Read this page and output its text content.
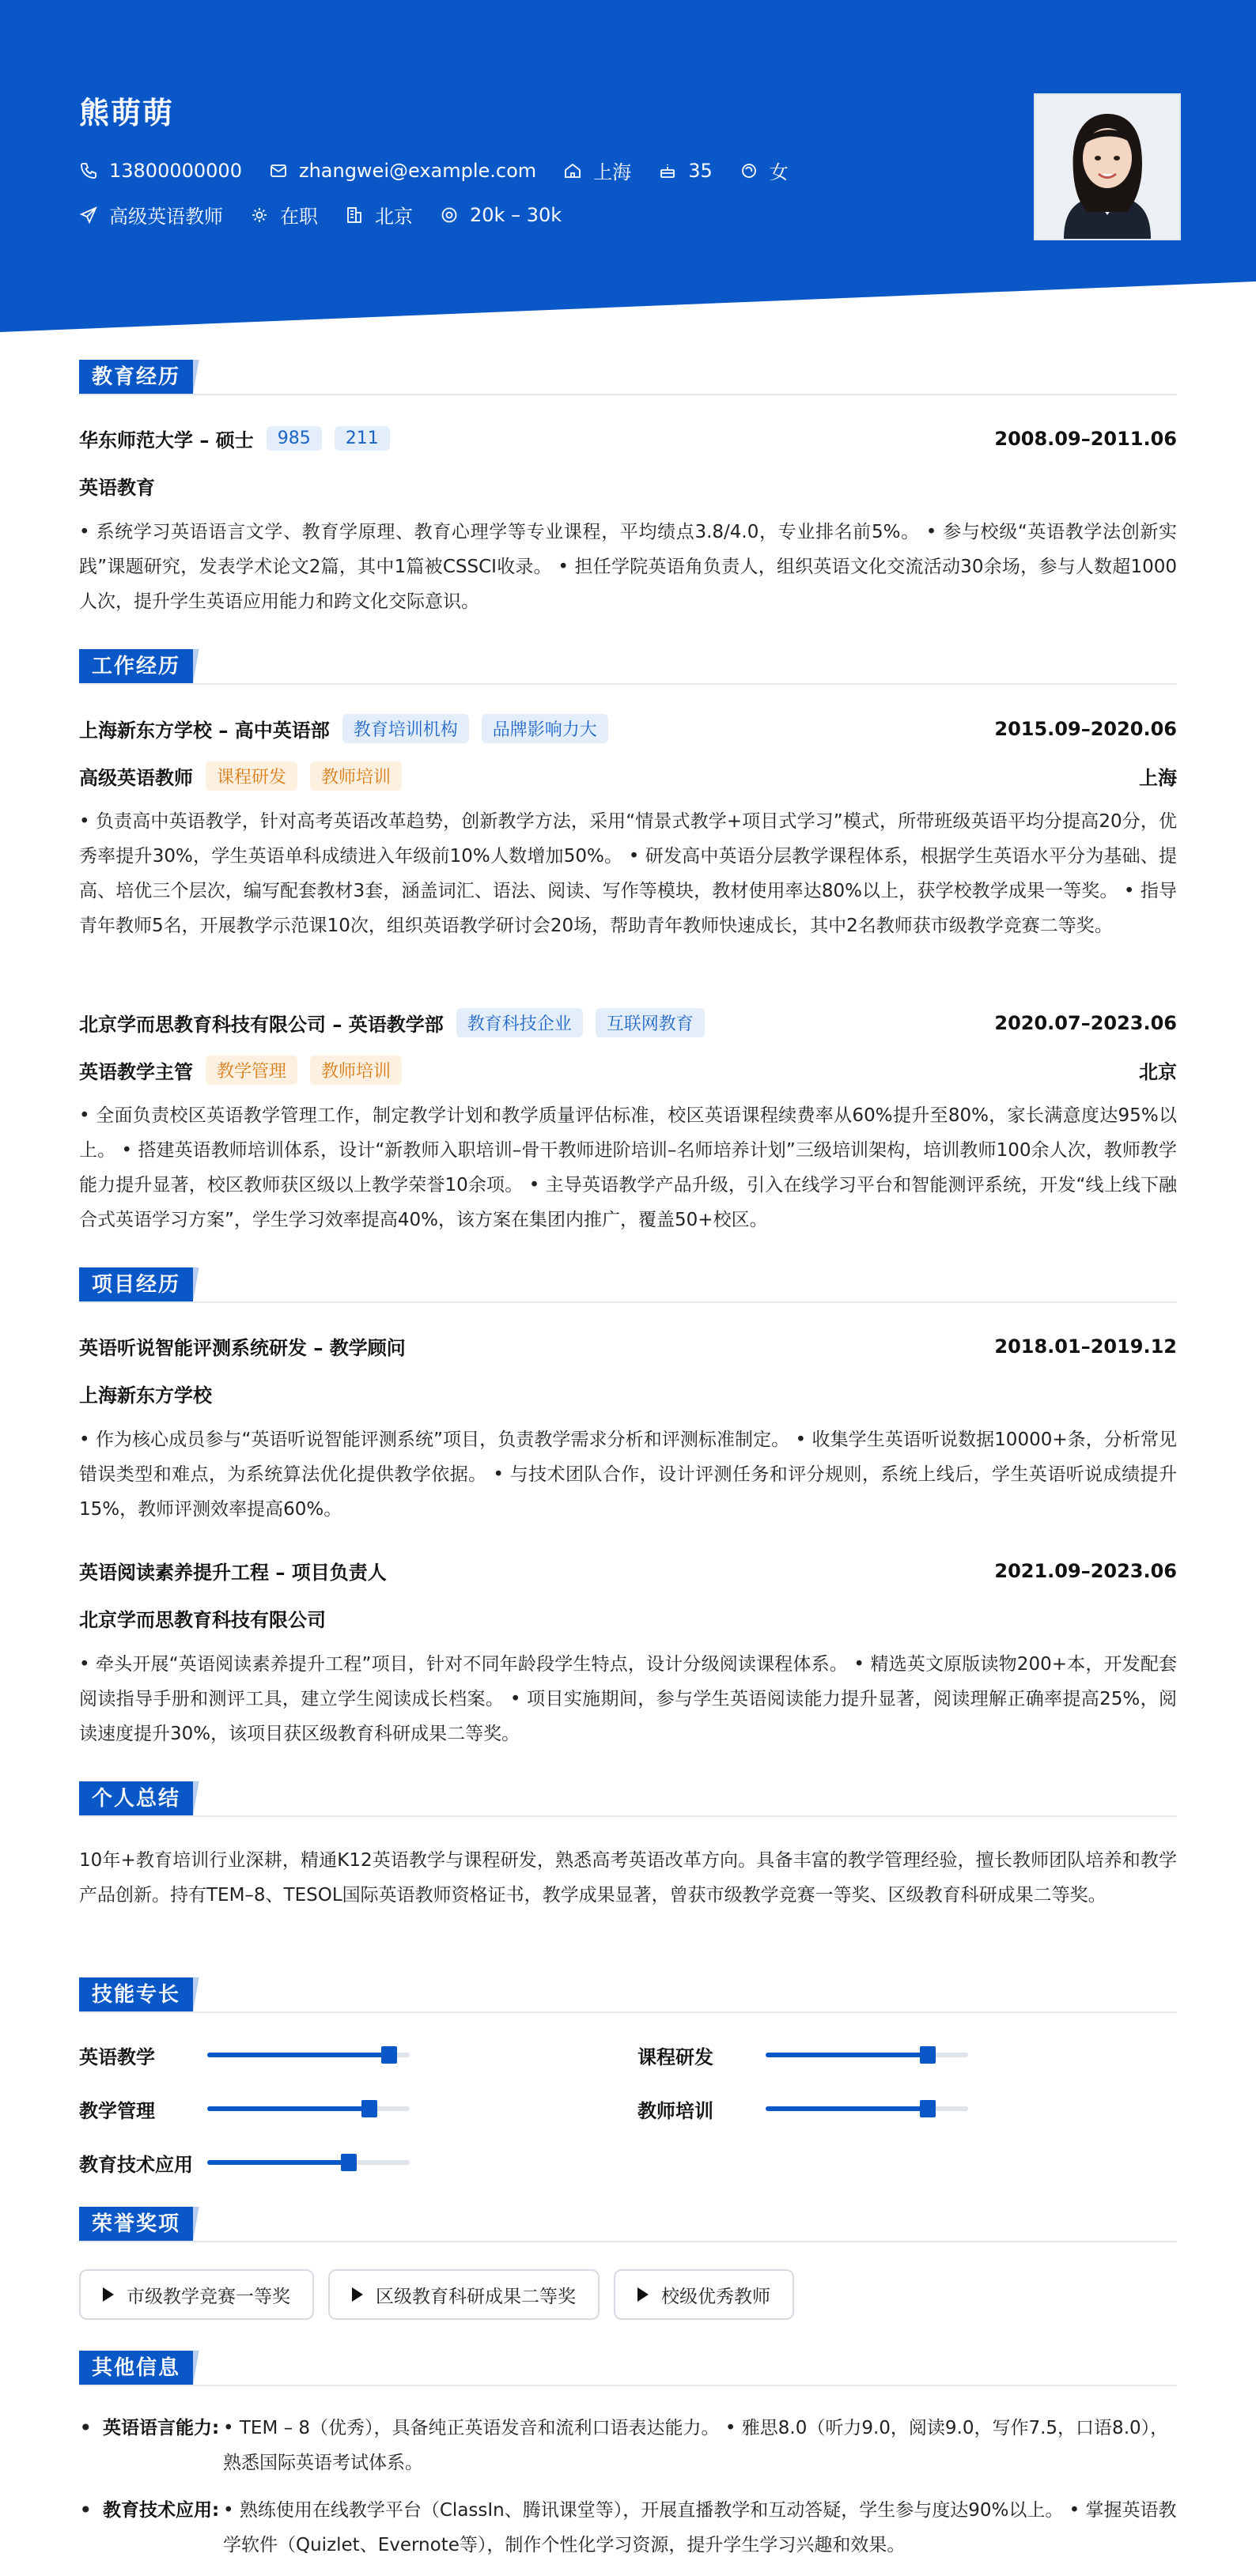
熊萌萌
13800000000	zhangwei@example.com	上海	35	女
高级英语教师	在职	北京	20k – 30k
教育经历
华东师范大学 – 硕士	985	211	2008.09–2011.06
英语教育
• 系统学习英语语言文学、教育学原理、教育心理学等专业课程，平均绩点3.8/4.0，专业排名前5%。 • 参与校级“英语教学法创新实践”课题研究，发表学术论文2篇，其中1篇被CSSCI收录。 • 担任学院英语角负责人，组织英语文化交流活动30余场，参与人数超1000人次，提升学生英语应用能力和跨文化交际意识。
工作经历
上海新东方学校 – 高中英语部	教育培训机构	品牌影响力大	2015.09–2020.06
高级英语教师	课程研发	教师培训	上海
• 负责高中英语教学，针对高考英语改革趋势，创新教学方法，采用“情景式教学+项目式学习”模式，所带班级英语平均分提高20分，优秀率提升30%，学生英语单科成绩进入年级前10%人数增加50%。 • 研发高中英语分层教学课程体系，根据学生英语水平分为基础、提高、培优三个层次，编写配套教材3套，涵盖词汇、语法、阅读、写作等模块，教材使用率达80%以上，获学校教学成果一等奖。 • 指导青年教师5名，开展教学示范课10次，组织英语教学研讨会20场，帮助青年教师快速成长，其中2名教师获市级教学竞赛二等奖。
北京学而思教育科技有限公司 – 英语教学部	教育科技企业	互联网教育	2020.07–2023.06
英语教学主管	教学管理	教师培训	北京
• 全面负责校区英语教学管理工作，制定教学计划和教学质量评估标准，校区英语课程续费率从60%提升至80%，家长满意度达95%以上。 • 搭建英语教师培训体系，设计“新教师入职培训–骨干教师进阶培训–名师培养计划”三级培训架构，培训教师100余人次，教师教学能力提升显著，校区教师获区级以上教学荣誉10余项。 • 主导英语教学产品升级，引入在线学习平台和智能测评系统，开发“线上线下融合式英语学习方案”，学生学习效率提高40%，该方案在集团内推广，覆盖50+校区。
项目经历
英语听说智能评测系统研发 – 教学顾问	2018.01–2019.12
上海新东方学校
• 作为核心成员参与“英语听说智能评测系统”项目，负责教学需求分析和评测标准制定。 • 收集学生英语听说数据10000+条，分析常见错误类型和难点，为系统算法优化提供教学依据。 • 与技术团队合作，设计评测任务和评分规则，系统上线后，学生英语听说成绩提升15%，教师评测效率提高60%。
英语阅读素养提升工程 – 项目负责人	2021.09–2023.06
北京学而思教育科技有限公司
• 牵头开展“英语阅读素养提升工程”项目，针对不同年龄段学生特点，设计分级阅读课程体系。 • 精选英文原版读物200+本，开发配套阅读指导手册和测评工具，建立学生阅读成长档案。 • 项目实施期间，参与学生英语阅读能力提升显著，阅读理解正确率提高25%，阅读速度提升30%，该项目获区级教育科研成果二等奖。
个人总结
10年+教育培训行业深耕，精通K12英语教学与课程研发，熟悉高考英语改革方向。具备丰富的教学管理经验，擅长教师团队培养和教学产品创新。持有TEM–8、TESOL国际英语教师资格证书，教学成果显著，曾获市级教学竞赛一等奖、区级教育科研成果二等奖。
技能专长
英语教学	课程研发
教学管理	教师培训
教育技术应用
荣誉奖项
市级教学竞赛一等奖	区级教育科研成果二等奖	校级优秀教师
其他信息
• 英语语言能力: • TEM – 8（优秀），具备纯正英语发音和流利口语表达能力。 • 雅思8.0（听力9.0，阅读9.0，写作7.5，口语8.0），熟悉国际英语考试体系。
• 教育技术应用: • 熟练使用在线教学平台（ClassIn、腾讯课堂等），开展直播教学和互动答疑，学生参与度达90%以上。 • 掌握英语教学软件（Quizlet、Evernote等），制作个性化学习资源，提升学生学习兴趣和效果。
